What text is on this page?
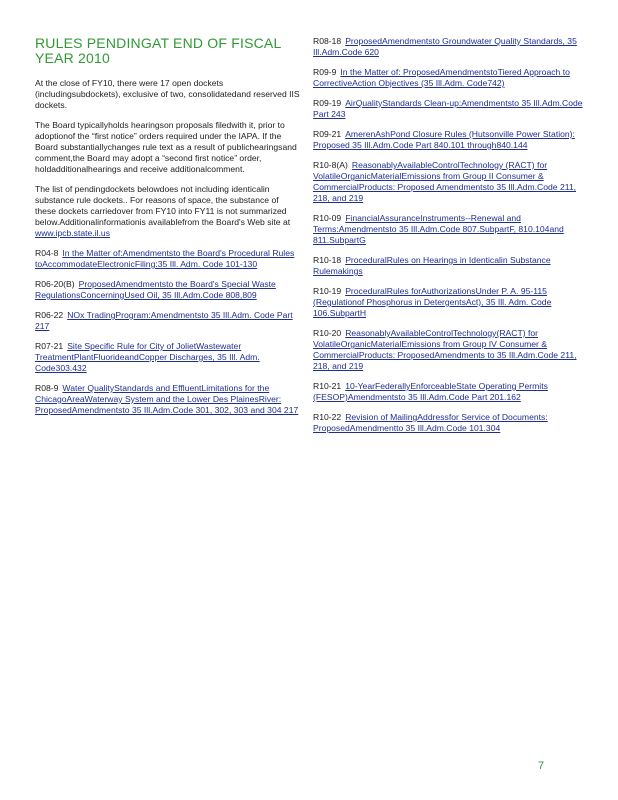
RULES PENDINGAT END OF FISCAL
YEAR 2010

At the close of FY10, there were 17 open dockets (includingsubdockets), exclusive of two, consolidatedand reserved IIS dockets.

The Board typicallyholds hearingson proposals filedwith it, prior to adoptionof the “first notice” orders required under the IAPA. If the Board substantiallychanges rule text as a result of publichearingsand comment,the Board may adopt a “second first notice” order, holdadditionalhearings and receive additionalcomment.

The list of pendingdockets belowdoes not including identicalin substance rule dockets.. For reasons of space, the substance of these dockets carriedover from FY10 into FY11 is not summarized below.Additionalinformationis availablefrom the Board's Web site at www.ipcb.state.il.us

R04-8 In the Matter of:Amendmentsto the Board's Procedural Rules toAccommodateElectronicFiling:35 Ill. Adm. Code 101-130

R06-20(B) ProposedAmendmentsto the Board's Special Waste RegulationsConcerningUsed Oil, 35 Ill.Adm.Code 808,809

R06-22 NOx TradingProgram:Amendmentsto 35 Ill.Adm. Code Part 217

R07-21 Site Specific Rule for City of JolietWastewater TreatmentPlantFluorideandCopper Discharges, 35 Ill. Adm. Code303.432

R08-9 Water QualityStandards and EffluentLimitations for the ChicagoAreaWaterway System and the Lower Des PlainesRiver: ProposedAmendmentsto 35 Ill.Adm.Code 301, 302, 303 and 304 217

R08-18 ProposedAmendmentsto Groundwater Quality Standards, 35 Ill.Adm.Code 620

R09-9 In the Matter of: ProposedAmendmentstoTiered Approach to CorrectiveAction Objectives (35 Ill.Adm. Code742)

R09-19 AirQualityStandards Clean-up:Amendmentsto 35 Ill.Adm.Code Part 243

R09-21 AmerenAshPond Closure Rules (Hutsonville Power Station): Proposed 35 Ill.Adm.Code Part 840.101 through840.144

R10-8(A) ReasonablyAvailableControlTechnology (RACT) for VolatileOrganicMaterialEmissions from Group II Consumer & CommercialProducts: Proposed Amendmentsto 35 Ill.Adm.Code 211, 218, and 219

R10-09 FinancialAssuranceInstruments--Renewal and Terms:Amendmentsto 35 Ill.Adm.Code 807.SubpartF, 810.104and 811.SubpartG

R10-18 ProceduralRules on Hearings in Identicalin Substance Rulemakings

R10-19 ProceduralRules forAuthorizationsUnder P. A. 95-115 (Regulationof Phosphorus in DetergentsAct), 35 Ill. Adm. Code 106.SubpartH

R10-20 ReasonablyAvailableControlTechnology(RACT) for VolatileOrganicMaterialEmissions from Group IV Consumer & CommercialProducts: ProposedAmendments to 35 Ill.Adm.Code 211, 218, and 219

R10-21 10-YearFederallyEnforceableState Operating Permits (FESOP)Amendmentsto 35 Ill.Adm.Code Part 201.162

R10-22 Revision of MailingAddressfor Service of Documents: ProposedAmendmentto 35 Ill.Adm.Code 101.304

7
